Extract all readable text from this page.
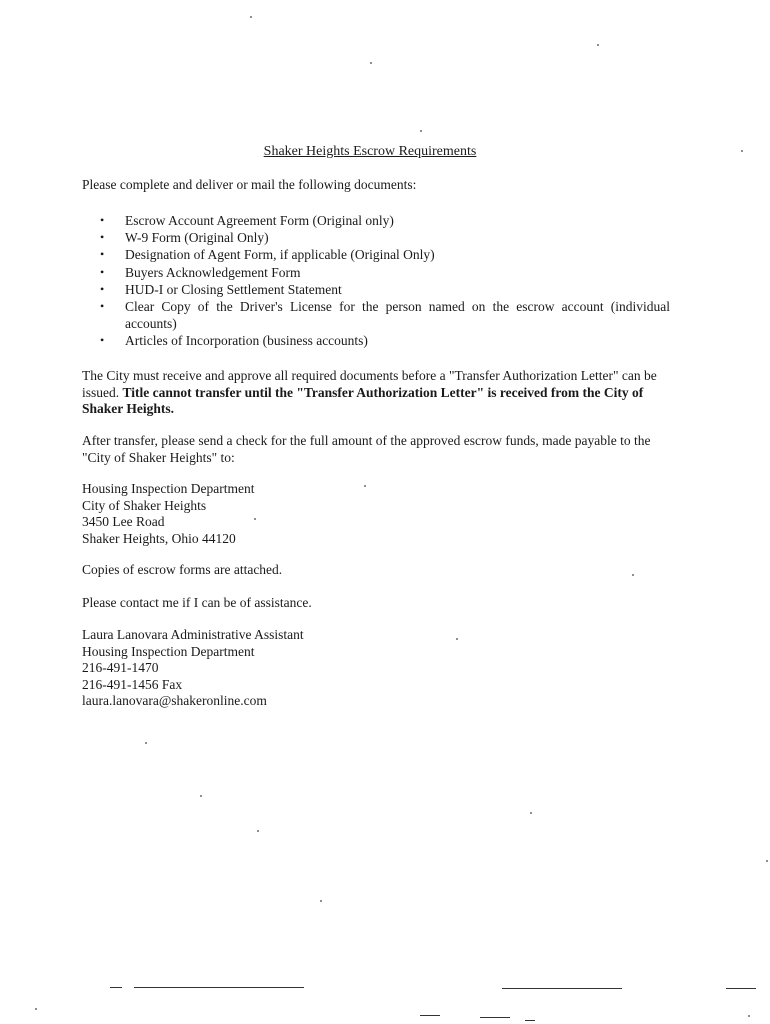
Shaker Heights Escrow Requirements
Please complete and deliver or mail the following documents:
• Escrow Account Agreement Form (Original only)
• W-9 Form (Original Only)
• Designation of Agent Form, if applicable (Original Only)
• Buyers Acknowledgement Form
• HUD-I or Closing Settlement Statement
• Clear Copy of the Driver's License for the person named on the escrow account (individual accounts)
• Articles of Incorporation (business accounts)
The City must receive and approve all required documents before a "Transfer Authorization Letter" can be issued. Title cannot transfer until the "Transfer Authorization Letter" is received from the City of Shaker Heights.
After transfer, please send a check for the full amount of the approved escrow funds, made payable to the "City of Shaker Heights" to:
Housing Inspection Department
City of Shaker Heights
3450 Lee Road
Shaker Heights, Ohio 44120
Copies of escrow forms are attached.
Please contact me if I can be of assistance.
Laura Lanovara Administrative Assistant
Housing Inspection Department
216-491-1470
216-491-1456 Fax
laura.lanovara@shakeronline.com
